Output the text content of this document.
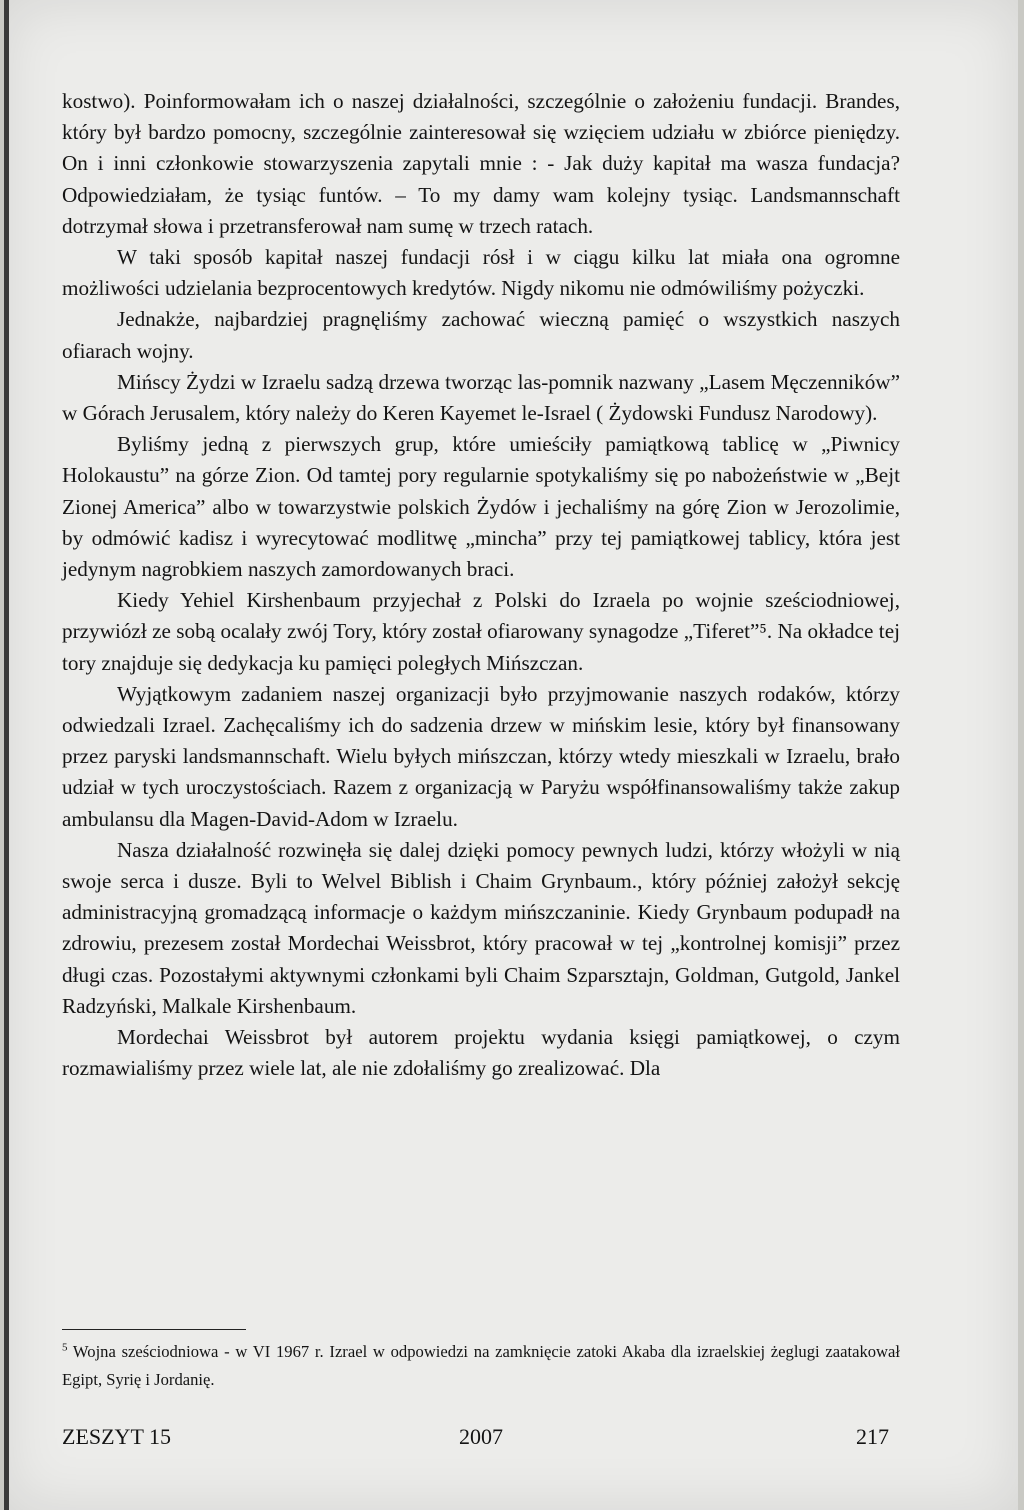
kostwo). Poinformowałam ich o naszej działalności, szczególnie o założeniu fundacji. Brandes, który był bardzo pomocny, szczególnie zainteresował się wzięciem udziału w zbiórce pieniędzy. On i inni członkowie stowarzyszenia zapytali mnie : - Jak duży kapitał ma wasza fundacja? Odpowiedziałam, że tysiąc funtów. – To my damy wam kolejny tysiąc. Landsmannschaft dotrzymał słowa i przetransferował nam sumę w trzech ratach.

W taki sposób kapitał naszej fundacji rósł i w ciągu kilku lat miała ona ogromne możliwości udzielania bezprocentowych kredytów. Nigdy nikomu nie odmówiliśmy pożyczki.

Jednakże, najbardziej pragnęliśmy zachować wieczną pamięć o wszystkich naszych ofiarach wojny.

Mińscy Żydzi w Izraelu sadzą drzewa tworząc las-pomnik nazwany „Lasem Męczenników” w Górach Jerusalem, który należy do Keren Kayemet le-Israel ( Żydowski Fundusz Narodowy).

Byliśmy jedną z pierwszych grup, które umieściły pamiątkową tablicę w „Piwnicy Holokaustu” na górze Zion. Od tamtej pory regularnie spotykaliśmy się po nabożeństwie w „Bejt Zionej America” albo w towarzystwie polskich Żydów i jechaliśmy na górę Zion w Jerozolimie, by odmówić kadisz i wyrecytować modlitwę „mincha” przy tej pamiątkowej tablicy, która jest jedynym nagrobkiem naszych zamordowanych braci.

Kiedy Yehiel Kirshenbaum przyjechał z Polski do Izraela po wojnie sześciodniowej, przywiózł ze sobą ocalały zwój Tory, który został ofiarowany synagodze „Tiferet”⁵. Na okładce tej tory znajduje się dedykacja ku pamięci poległych Mińszczan.

Wyjątkowym zadaniem naszej organizacji było przyjmowanie naszych rodaków, którzy odwiedzali Izrael. Zachęcaliśmy ich do sadzenia drzew w mińskim lesie, który był finansowany przez paryski landsmannschaft. Wielu byłych mińszczan, którzy wtedy mieszkali w Izraelu, brało udział w tych uroczystościach. Razem z organizacją w Paryżu współfinansowaliśmy także zakup ambulansu dla Magen-David-Adom w Izraelu.

Nasza działalność rozwinęła się dalej dzięki pomocy pewnych ludzi, którzy włożyli w nią swoje serca i dusze. Byli to Welvel Biblish i Chaim Grynbaum., który później założył sekcję administracyjną gromadzącą informacje o każdym mińszczaninie. Kiedy Grynbaum podupadł na zdrowiu, prezesem został Mordechai Weissbrot, który pracował w tej „kontrolnej komisji” przez długi czas. Pozostałymi aktywnymi członkami byli Chaim Szparsztajn, Goldman, Gutgold, Jankel Radzyński, Malkale Kirshenbaum.

Mordechai Weissbrot był autorem projektu wydania księgi pamiątkowej, o czym rozmawialiśmy przez wiele lat, ale nie zdołaliśmy go zrealizować. Dla

$^5$ Wojna sześciodniowa - w VI 1967 r. Izrael w odpowiedzi na zamknięcie zatoki Akaba dla izraelskiej żeglugi zaatakował Egipt, Syrię i Jordanię.

ZESZYT 15	2007	217
